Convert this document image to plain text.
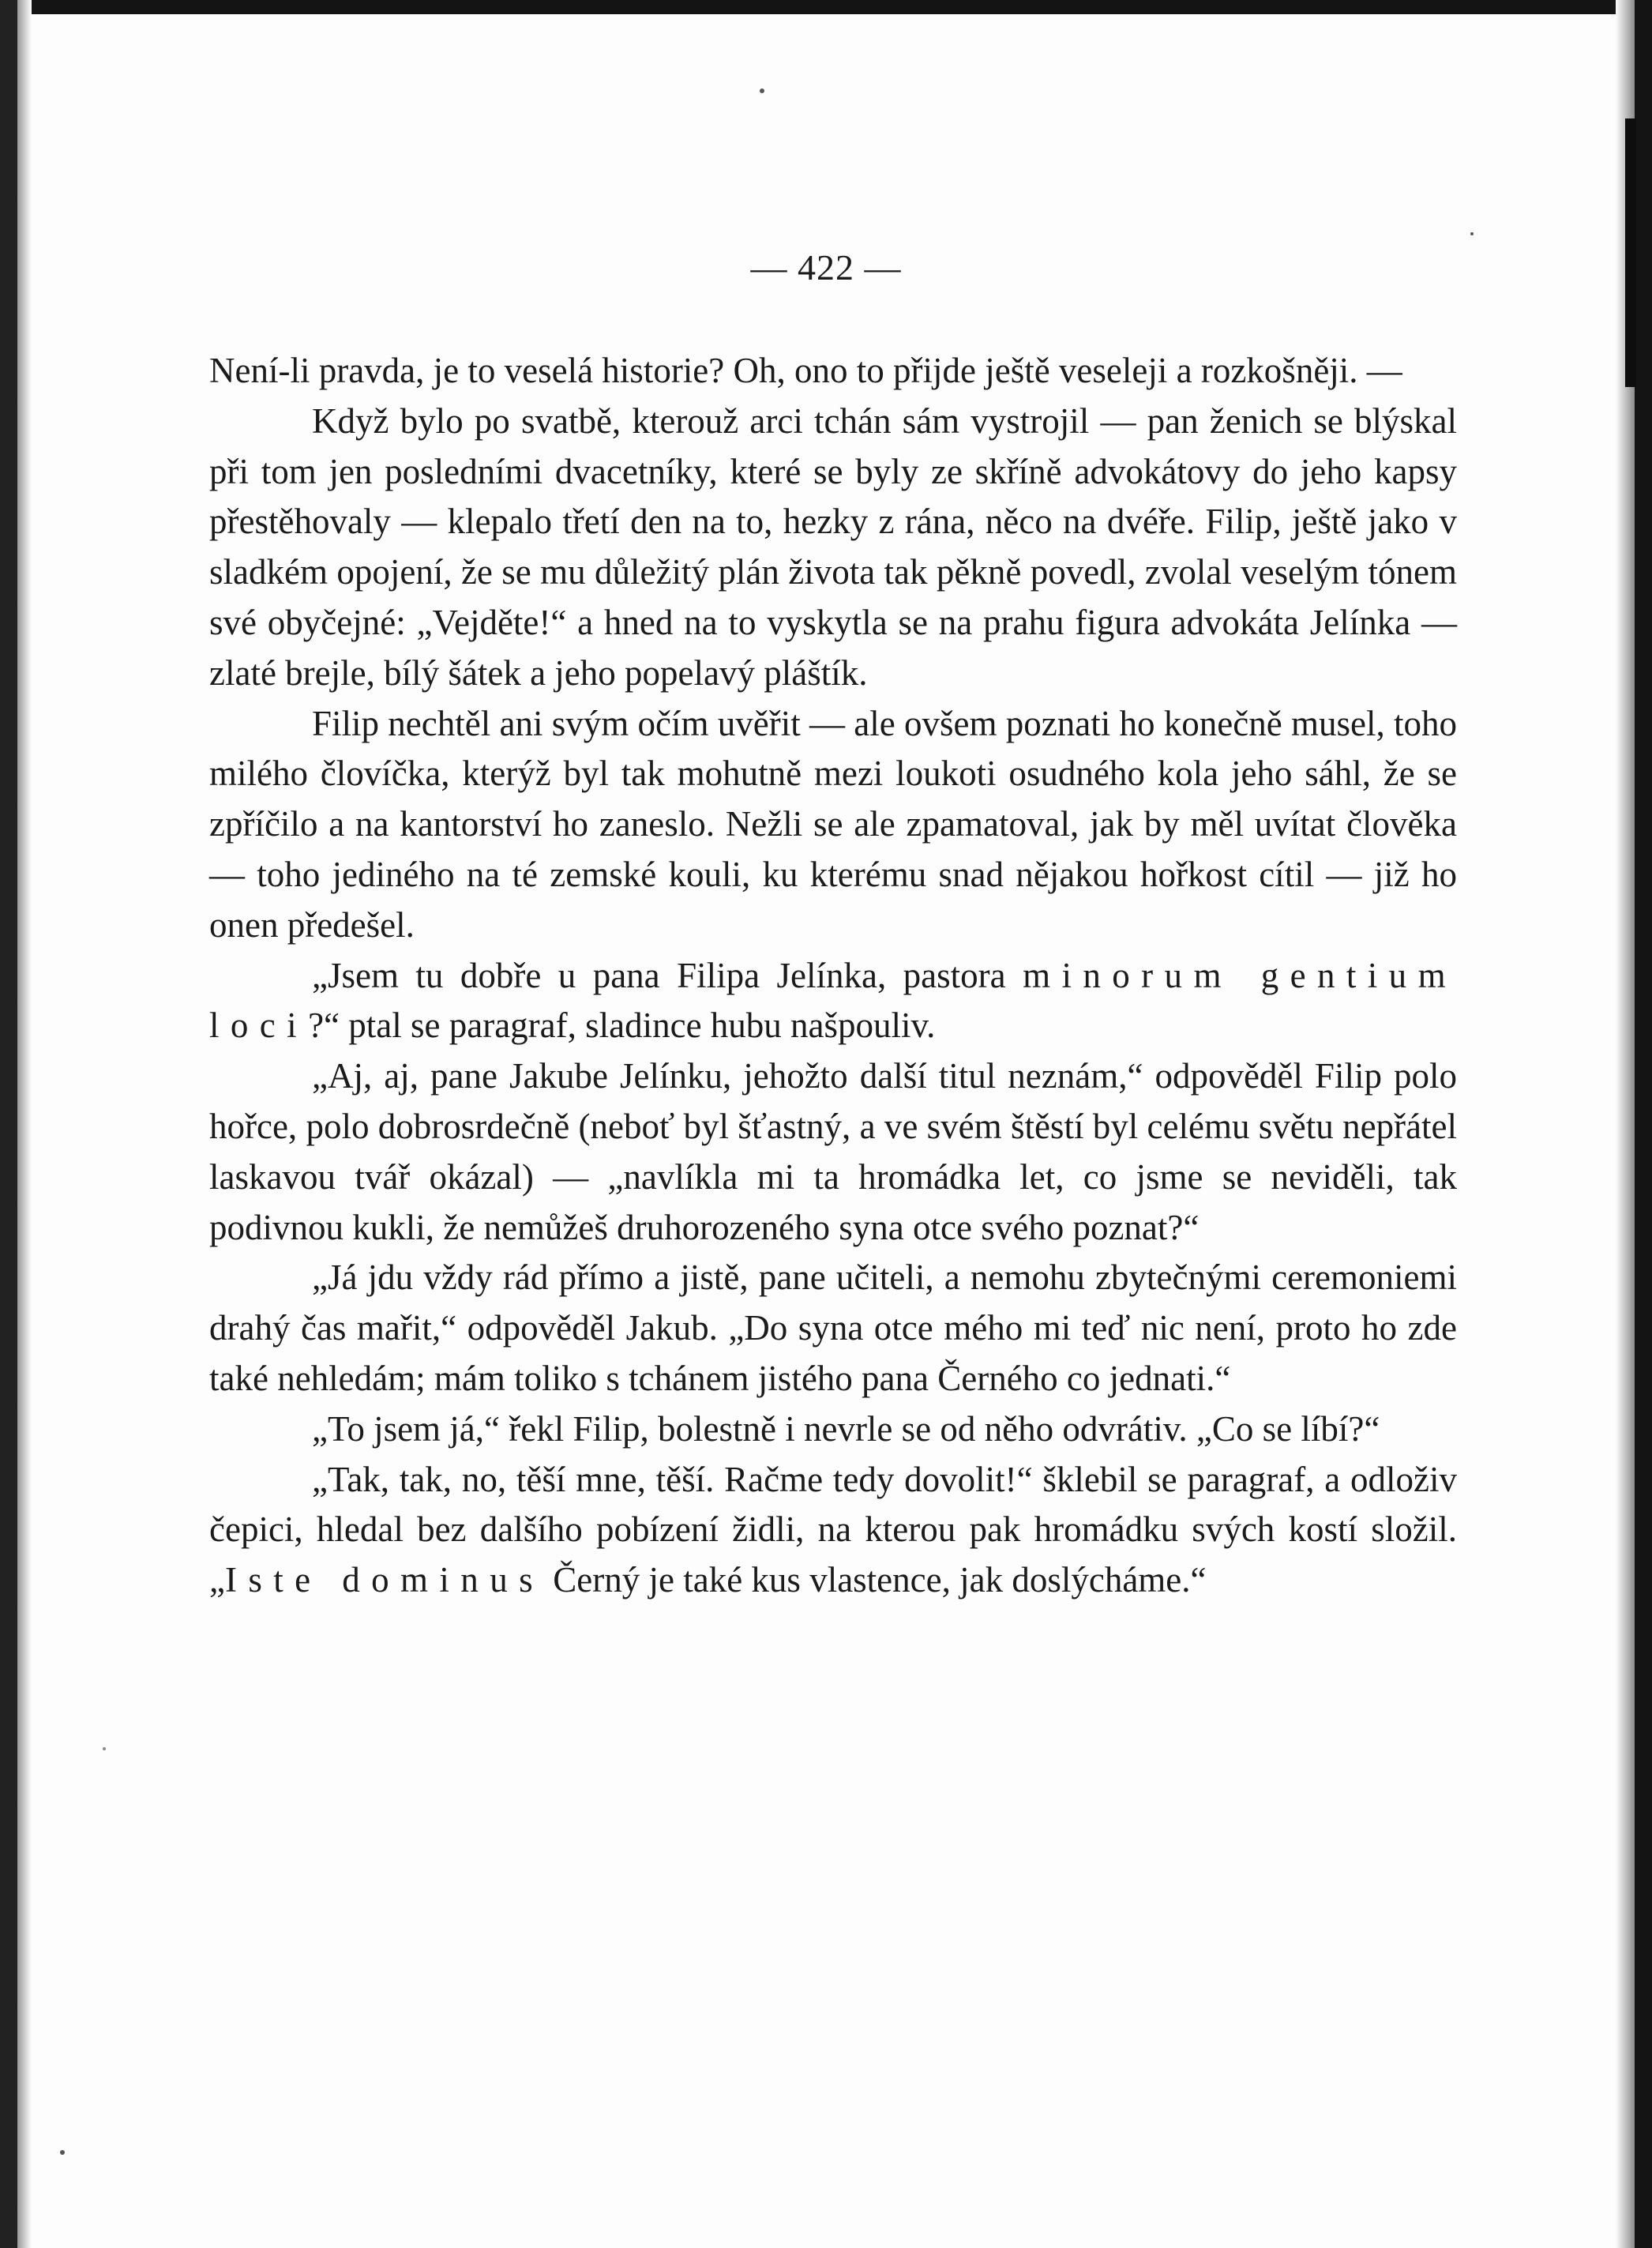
— 422 —

Není-li pravda, je to veselá historie? Oh, ono to přijde ještě veseleji a rozkošněji. —

Když bylo po svatbě, kterouž arci tchán sám vystrojil — pan ženich se blýskal při tom jen posledními dvacetníky, které se byly ze skříně advokátovy do jeho kapsy přestěhovaly — klepalo třetí den na to, hezky z rána, něco na dvéře. Filip, ještě jako v sladkém opojení, že se mu důležitý plán života tak pěkně povedl, zvolal veselým tónem své obyčejné: „Vejděte!“ a hned na to vyskytla se na prahu figura advokáta Jelínka — zlaté brejle, bílý šátek a jeho popelavý pláštík.

Filip nechtěl ani svým očím uvěřit — ale ovšem poznati ho konečně musel, toho milého človíčka, kterýž byl tak mohutně mezi loukoti osudného kola jeho sáhl, že se zpříčilo a na kantorství ho zaneslo. Nežli se ale zpamatoval, jak by měl uvítat člověka — toho jediného na té zemské kouli, ku kterému snad nějakou hořkost cítil — již ho onen předešel.

„Jsem tu dobře u pana Filipa Jelínka, pastora minorum gentium loci?“ ptal se paragraf, sladince hubu našpouliv.

„Aj, aj, pane Jakube Jelínku, jehožto další titul neznám,“ odpověděl Filip polo hořce, polo dobrosrdečně (neboť byl šťastný, a ve svém štěstí byl celému světu nepřátel laskavou tvář okázal) — „navlíkla mi ta hromádka let, co jsme se neviděli, tak podivnou kukli, že nemůžeš druhorozeného syna otce svého poznat?“

„Já jdu vždy rád přímo a jistě, pane učiteli, a nemohu zbytečnými ceremoniemi drahý čas mařit,“ odpověděl Jakub. „Do syna otce mého mi teď nic není, proto ho zde také nehledám; mám toliko s tchánem jistého pana Černého co jednati.“

„To jsem já,“ řekl Filip, bolestně i nevrle se od něho odvrátiv. „Co se líbí?“

„Tak, tak, no, těší mne, těší. Račme tedy dovolit!“ šklebil se paragraf, a odloživ čepici, hledal bez dalšího pobízení židli, na kterou pak hromádku svých kostí složil. „Iste dominus Černý je také kus vlastence, jak doslýcháme.“
